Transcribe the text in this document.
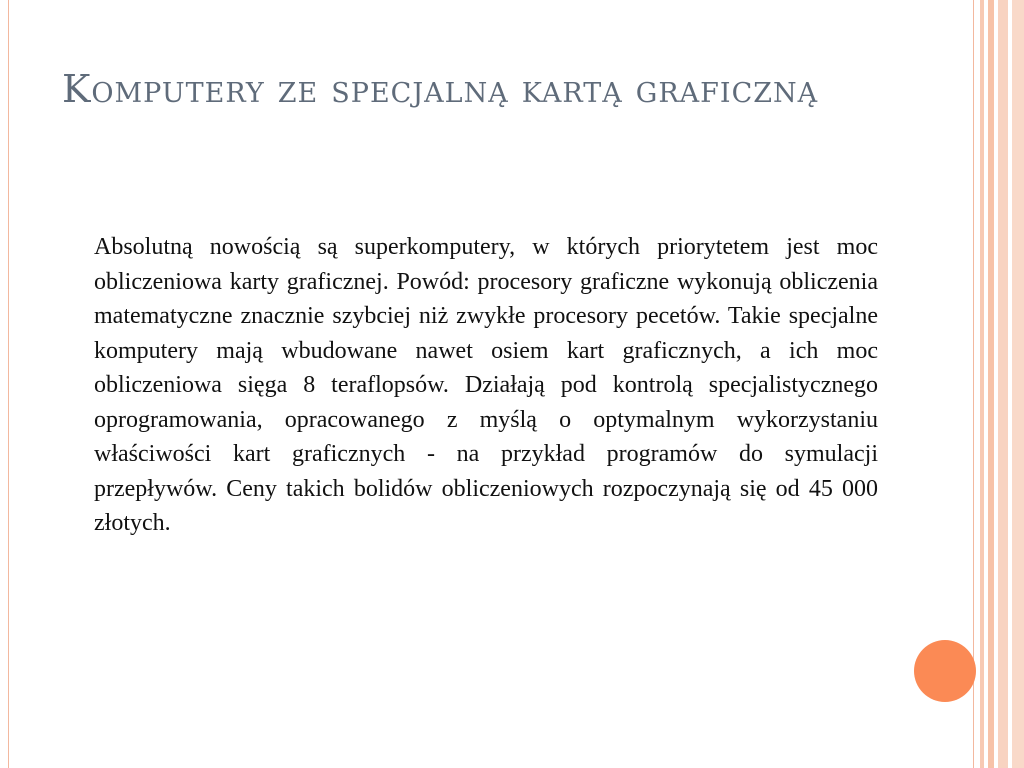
Komputery ze specjalną kartą graficzną

Absolutną nowością są superkomputery, w których priorytetem jest moc obliczeniowa karty graficznej. Powód: procesory graficzne wykonują obliczenia matematyczne znacznie szybciej niż zwykłe procesory pecetów. Takie specjalne komputery mają wbudowane nawet osiem kart graficznych, a ich moc obliczeniowa sięga 8 teraflopsów. Działają pod kontrolą specjalistycznego oprogramowania, opracowanego z myślą o optymalnym wykorzystaniu właściwości kart graficznych - na przykład programów do symulacji przepływów. Ceny takich bolidów obliczeniowych rozpoczynają się od 45 000 złotych.
